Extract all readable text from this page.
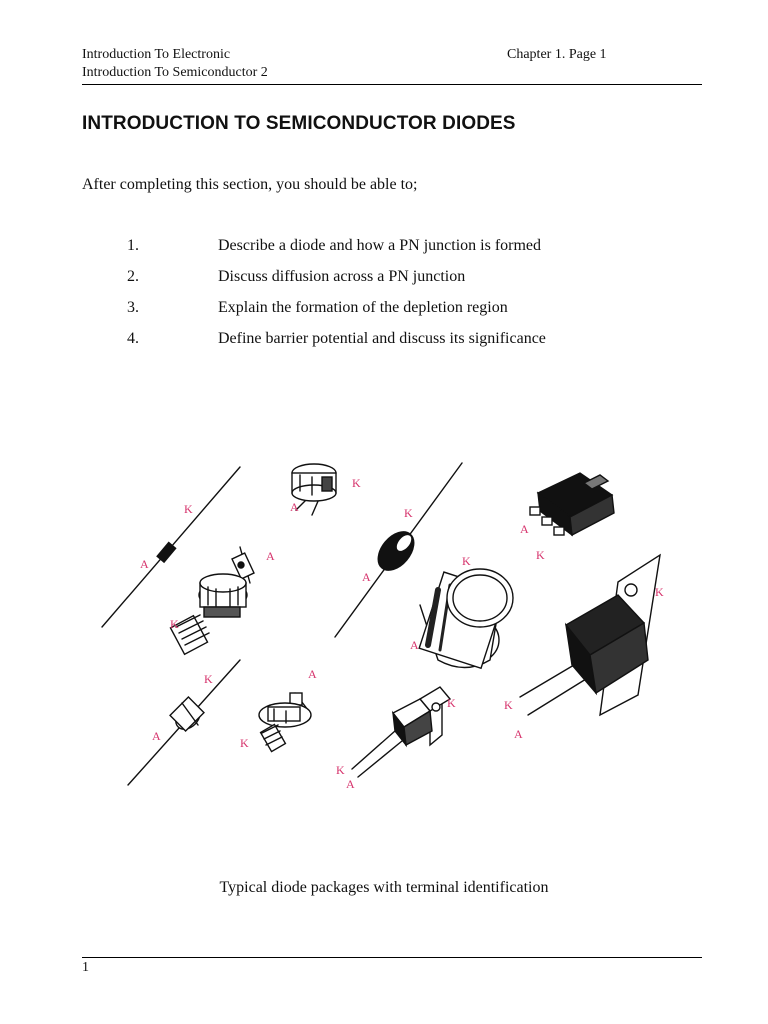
Introduction To Electronic
Introduction To Semiconductor 2
Chapter 1. Page 1
INTRODUCTION TO SEMICONDUCTOR DIODES
After completing this section, you should be able to;
1.	Describe a diode and how a PN junction is formed
2.	Discuss diffusion across a PN junction
3.	Explain the formation of the depletion region
4.	Define barrier potential and discuss its significance
K
A
A
K
K
A	K
A
K
A
A
K
K
K
A
K
A
A
K
K
K
A
Typical diode packages with terminal identification
1
